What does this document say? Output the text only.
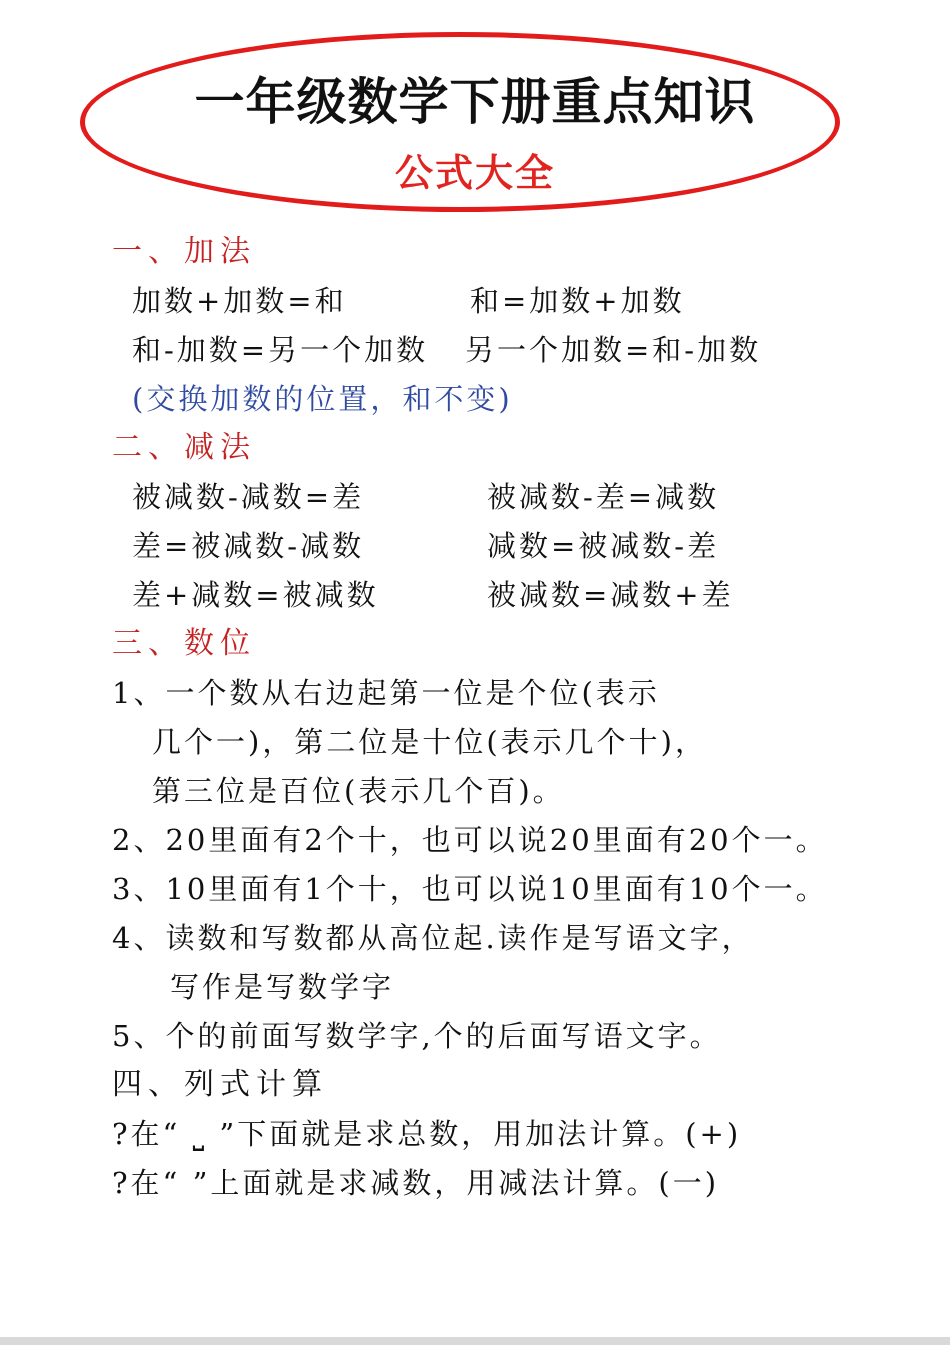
一年级数学下册重点知识
公式大全
一、加法
加数+加数=和	和=加数+加数
和-加数=另一个加数 另一个加数=和-加数
(交换加数的位置，和不变)
二、减法
被减数-减数=差	被减数-差=减数
差=被减数-减数	减数=被减数-差
差+减数=被减数	被减数=减数+差
三、数位
1、一个数从右边起第一位是个位(表示
几个一)，第二位是十位(表示几个十)，
第三位是百位(表示几个百)。
2、20里面有2个十，也可以说20里面有20个一。
3、10里面有1个十，也可以说10里面有10个一。
4、读数和写数都从高位起.读作是写语文字，
写作是写数学字
5、个的前面写数学字,个的后面写语文字。
四、列式计算
?在“ ⎵ ”下面就是求总数，用加法计算。(+)
?在“ ”上面就是求减数，用减法计算。(一)
